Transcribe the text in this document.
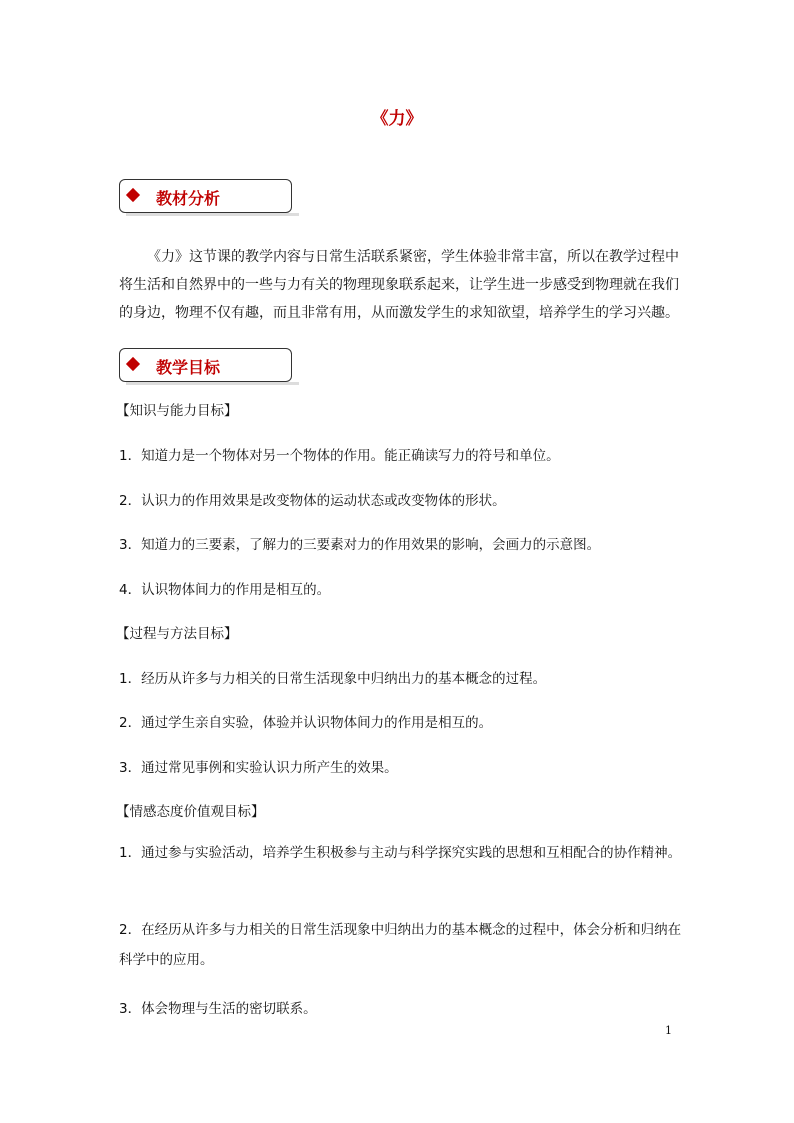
《力》
教材分析
《力》这节课的教学内容与日常生活联系紧密，学生体验非常丰富，所以在教学过程中将生活和自然界中的一些与力有关的物理现象联系起来，让学生进一步感受到物理就在我们的身边，物理不仅有趣，而且非常有用，从而激发学生的求知欲望，培养学生的学习兴趣。
教学目标
【知识与能力目标】
1．知道力是一个物体对另一个物体的作用。能正确读写力的符号和单位。
2．认识力的作用效果是改变物体的运动状态或改变物体的形状。
3．知道力的三要素，了解力的三要素对力的作用效果的影响，会画力的示意图。
4．认识物体间力的作用是相互的。
【过程与方法目标】
1．经历从许多与力相关的日常生活现象中归纳出力的基本概念的过程。
2．通过学生亲自实验，体验并认识物体间力的作用是相互的。
3．通过常见事例和实验认识力所产生的效果。
【情感态度价值观目标】
1．通过参与实验活动，培养学生积极参与主动与科学探究实践的思想和互相配合的协作精神。
2．在经历从许多与力相关的日常生活现象中归纳出力的基本概念的过程中，体会分析和归纳在科学中的应用。
3．体会物理与生活的密切联系。
1
